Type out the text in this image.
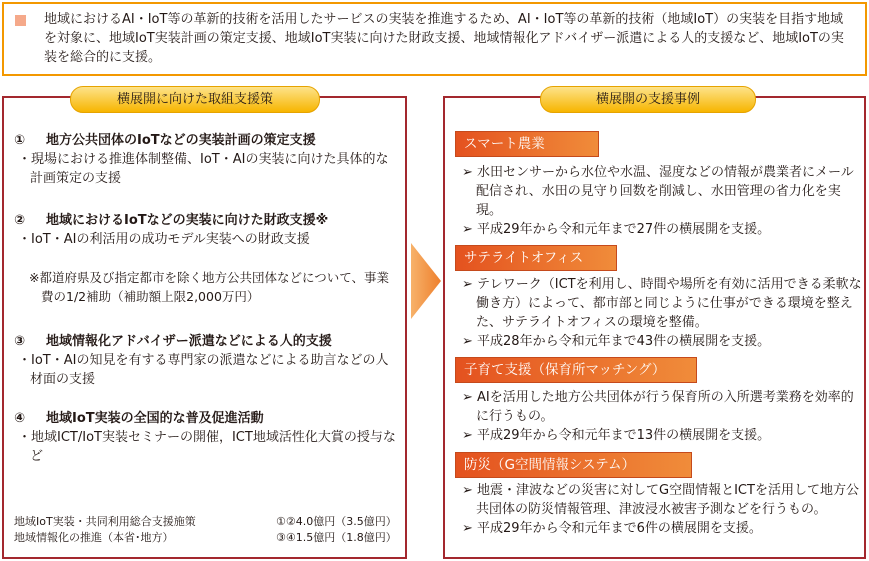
地域におけるAI・IoT等の革新的技術を活用したサービスの実装を推進するため、AI・IoT等の革新的技術（地域IoT）の実装を目指す地域を対象に、地域IoT実装計画の策定支援、地域IoT実装に向けた財政支援、地域情報化アドバイザー派遣による人的支援など、地域IoTの実装を総合的に支援。
横展開に向けた取組支援策
① 地方公共団体のIoTなどの実装計画の策定支援
・現場における推進体制整備、IoT・AIの実装に向けた具体的な計画策定の支援
② 地域におけるIoTなどの実装に向けた財政支援※
・IoT・AIの利活用の成功モデル実装への財政支援
※都道府県及び指定都市を除く地方公共団体などについて、事業費の1/2補助（補助額上限2,000万円）
③ 地域情報化アドバイザー派遣などによる人的支援
・IoT・AIの知見を有する専門家の派遣などによる助言などの人材面の支援
④ 地域IoT実装の全国的な普及促進活動
・地域ICT/IoT実装セミナーの開催，ICT地域活性化大賞の授与など
地域IoT実装・共同利用総合支援施策	①②4.0億円（3.5億円）
地域情報化の推進（本省･地方）	③④1.5億円（1.8億円）
横展開の支援事例
スマート農業
➢ 水田センサーから水位や水温、湿度などの情報が農業者にメール配信され、水田の見守り回数を削減し、水田管理の省力化を実現。
➢ 平成29年から令和元年まで27件の横展開を支援。
サテライトオフィス
➢ テレワーク（ICTを利用し、時間や場所を有効に活用できる柔軟な働き方）によって、都市部と同じように仕事ができる環境を整えた、サテライトオフィスの環境を整備。
➢ 平成28年から令和元年まで43件の横展開を支援。
子育て支援（保育所マッチング）
➢ AIを活用した地方公共団体が行う保育所の入所選考業務を効率的に行うもの。
➢ 平成29年から令和元年まで13件の横展開を支援。
防災（G空間情報システム）
➢ 地震・津波などの災害に対してG空間情報とICTを活用して地方公共団体の防災情報管理、津波浸水被害予測などを行うもの。
➢ 平成29年から令和元年まで6件の横展開を支援。
